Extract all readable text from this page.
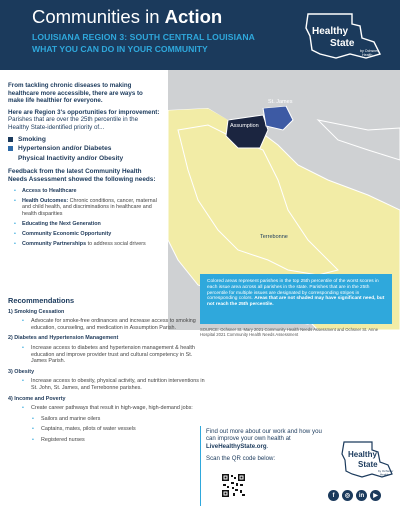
Communities in Action
LOUISIANA REGION 3: SOUTH CENTRAL LOUISIANA
WHAT YOU CAN DO IN YOUR COMMUNITY
Healthy
State
by Ochsner
Health
St. James
Assumption
Terrebonne

From tackling chronic diseases to making healthcare more accessible, there are ways to make life healthier for everyone.

Here are Region 3's opportunities for improvement: Parishes that are over the 25th percentile in the Healthy State-identified priority of...

Smoking
Hypertension and/or Diabetes
Physical Inactivity and/or Obesity

Feedback from the latest Community Health Needs Assessment showed the following needs:

• Access to Healthcare
• Health Outcomes: Chronic conditions, cancer, maternal and child health, and discriminations in healthcare and health disparities
• Educating the Next Generation
• Community Economic Opportunity
• Community Partnerships to address social drivers
Colored areas represent parishes in the top 25th percentile of the worst scores in each issue area across all parishes in the state. Parishes that are in the 25th percentile for multiple issues are designated by corresponding stripes in corresponding colors. Areas that are not shaded may have significant need, but not reach the 25th percentile.
SOURCE: Ochsner St. Mary 2021 Community Health Needs Assessment and Ochsner St. Anne Hospital 2021 Community Health Needs Assessment
Recommendations
1) Smoking Cessation
• Advocate for smoke-free ordinances and increase access to smoking education, counseling, and medication in Assumption Parish.
2) Diabetes and Hypertension Management
• Increase access to diabetes and hypertension management & health education and improve provider trust and cultural competency in St. James Parish.
3) Obesity
• Increase access to obesity, physical activity, and nutrition interventions in St. John, St. James, and Terrebonne parishes.
4) Income and Poverty
• Create career pathways that result in high-wage, high-demand jobs:
• Sailors and marine oilers
• Captains, mates, pilots of water vessels
• Registered nurses
Find out more about our work and how you can improve your own health at LiveHealthyState.org.
Scan the QR code below:	Healthy
State
by Ochsner
Health
f	◎	in	▶
